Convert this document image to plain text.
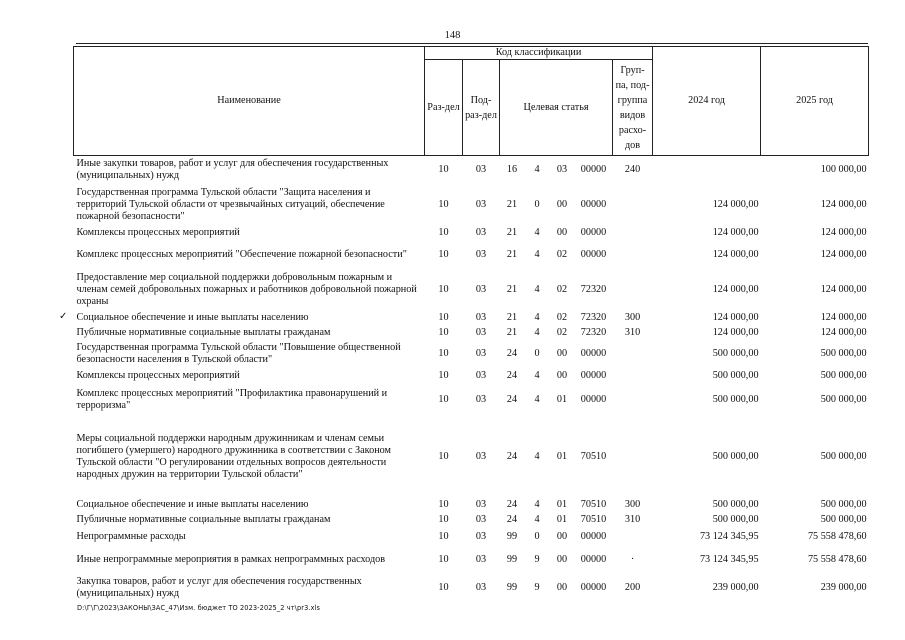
148
✓
Наименование	Код классификации							2024 год	2025 год
	Раз-дел	Под-раз-дел	Целевая статья				Груп-па, под-группа видов расхо-дов		
Иные закупки товаров, работ и услуг для обеспечения государственных (муниципальных) нужд	10	03	16	4	03	00000	240		100 000,00
Государственная программа Тульской области "Защита населения и территорий Тульской области от чрезвычайных ситуаций, обеспечение пожарной безопасности"	10	03	21	0	00	00000		124 000,00	124 000,00
Комплексы процессных мероприятий	10	03	21	4	00	00000		124 000,00	124 000,00
Комплекс процессных мероприятий "Обеспечение пожарной безопасности"	10	03	21	4	02	00000		124 000,00	124 000,00
Предоставление мер социальной поддержки добровольным пожарным и членам семей добровольных пожарных и работников добровольной пожарной охраны	10	03	21	4	02	72320		124 000,00	124 000,00
Социальное обеспечение и иные выплаты населению	10	03	21	4	02	72320	300	124 000,00	124 000,00
Публичные нормативные социальные выплаты гражданам	10	03	21	4	02	72320	310	124 000,00	124 000,00
Государственная программа Тульской области "Повышение общественной безопасности населения в Тульской области"	10	03	24	0	00	00000		500 000,00	500 000,00
Комплексы процессных мероприятий	10	03	24	4	00	00000		500 000,00	500 000,00
Комплекс процессных мероприятий "Профилактика правонарушений и терроризма"	10	03	24	4	01	00000		500 000,00	500 000,00
Меры социальной поддержки народным дружинникам и членам семьи погибшего (умершего) народного дружинника в соответствии с Законом Тульской области "О регулировании отдельных вопросов деятельности народных дружин на территории Тульской области"	10	03	24	4	01	70510		500 000,00	500 000,00
Социальное обеспечение и иные выплаты населению	10	03	24	4	01	70510	300	500 000,00	500 000,00
Публичные нормативные социальные выплаты гражданам	10	03	24	4	01	70510	310	500 000,00	500 000,00
Непрограммные расходы	10	03	99	0	00	00000		73 124 345,95	75 558 478,60
Иные непрограммные мероприятия в рамках непрограммных расходов	10	03	99	9	00	00000	·	73 124 345,95	75 558 478,60
Закупка товаров, работ и услуг для обеспечения государственных (муниципальных) нужд	10	03	99	9	00	00000	200	239 000,00	239 000,00
D:\Г\Г\2023\ЗАКОНЫ\ЗАС_47\Изм. бюджет ТО 2023-2025_2 чт\pr3.xls
